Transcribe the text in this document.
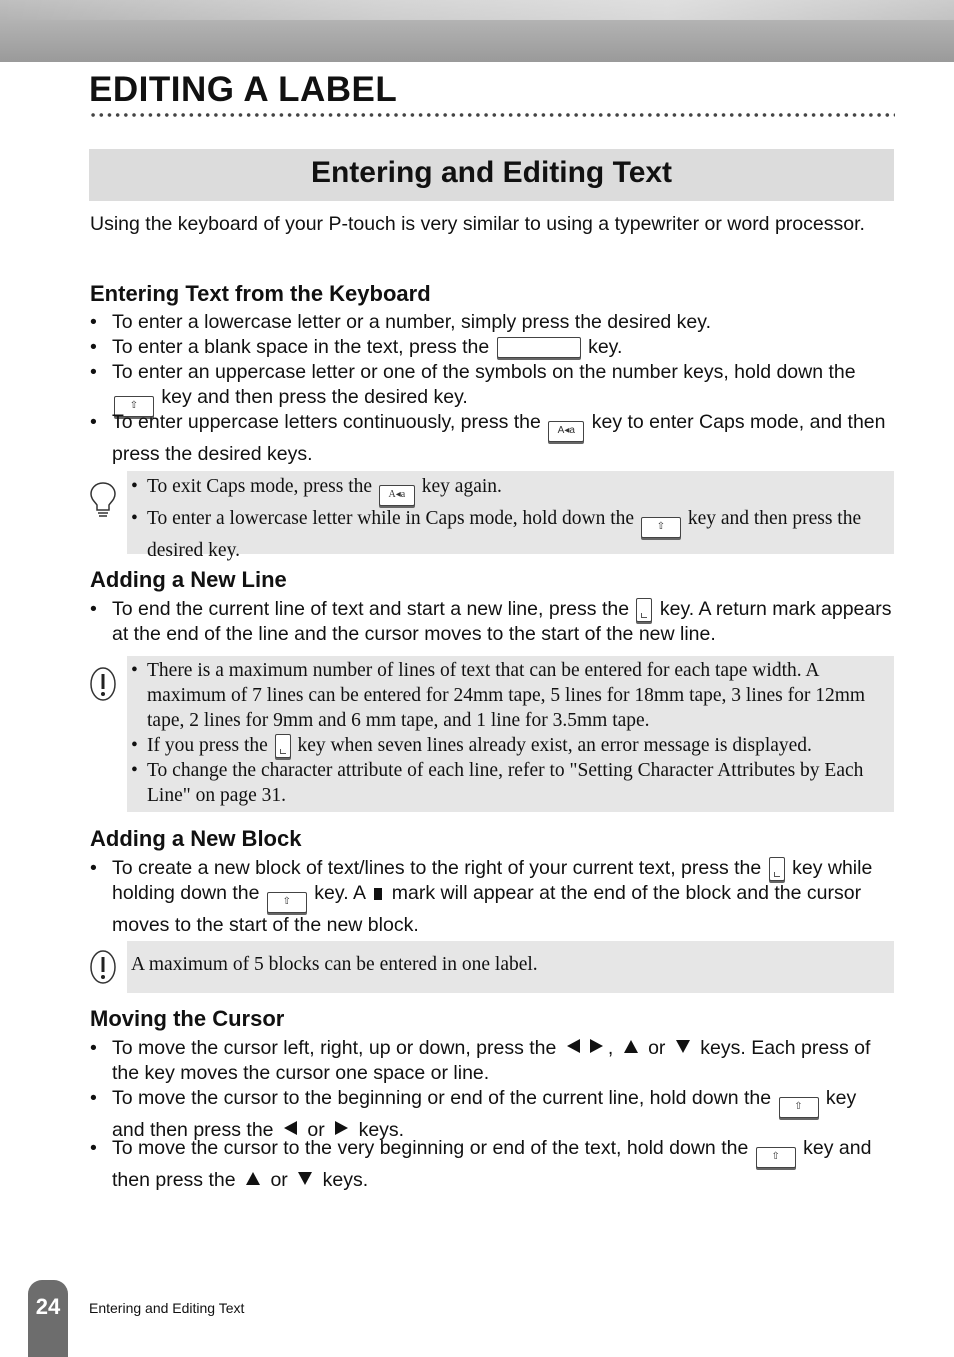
EDITING A LABEL
Entering and Editing Text

Using the keyboard of your P-touch is very similar to using a typewriter or word processor.

Entering Text from the Keyboard
• To enter a lowercase letter or a number, simply press the desired key.
• To enter a blank space in the text, press the	key.
• To enter an uppercase letter or one of the symbols on the number keys, hold down the ⇧ key and then press the desired key.
• To enter uppercase letters continuously, press the A◂a key to enter Caps mode, and then press the desired keys.
• To exit Caps mode, press the A◂a key again.
• To enter a lowercase letter while in Caps mode, hold down the ⇧ key and then press the desired key.
Adding a New Line
• To end the current line of text and start a new line, press the key. A return mark appears at the end of the line and the cursor moves to the start of the new line.
• There is a maximum number of lines of text that can be entered for each tape width. A maximum of 7 lines can be entered for 24mm tape, 5 lines for 18mm tape, 3 lines for 12mm tape, 2 lines for 9mm and 6 mm tape, and 1 line for 3.5mm tape.
• If you press the key when seven lines already exist, an error message is displayed.
• To change the character attribute of each line, refer to "Setting Character Attributes by Each Line" on page 31.
Adding a New Block
• To create a new block of text/lines to the right of your current text, press the key while holding down the ⇧ key. A mark will appear at the end of the block and the cursor moves to the start of the new block.
A maximum of 5 blocks can be entered in one label.
Moving the Cursor
• To move the cursor left, right, up or down, press the	, or keys. Each press of the key moves the cursor one space or line.
• To move the cursor to the beginning or end of the current line, hold down the ⇧ key and then press the or keys.
• To move the cursor to the very beginning or end of the text, hold down the ⇧ key and then press the or keys.
24	Entering and Editing Text
